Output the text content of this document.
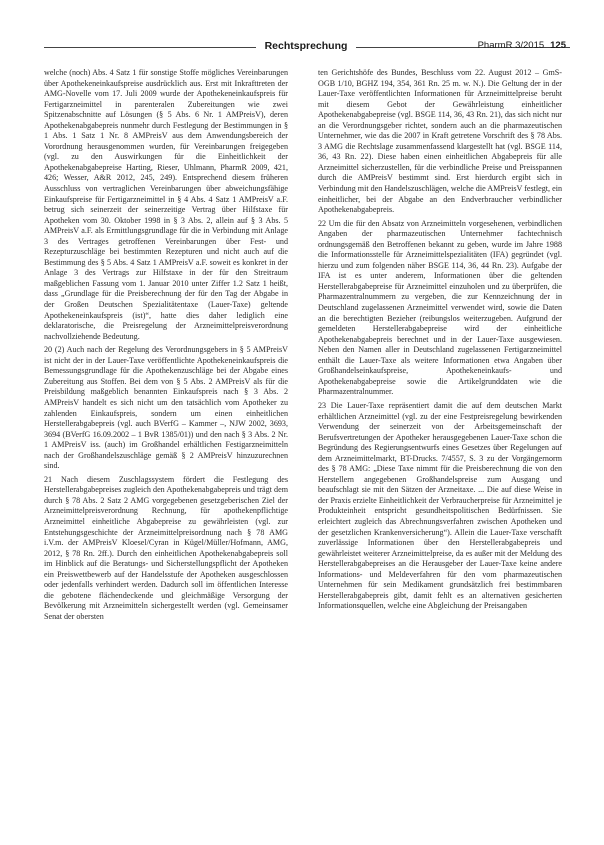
Rechtsprechung	PharmR 3/2015 125

welche (noch) Abs. 4 Satz 1 für sonstige Stoffe mögliches Vereinbarungen über Apothekeneinkaufspreise ausdrücklich aus. Erst mit Inkrafttreten der AMG-Novelle vom 17. Juli 2009 wurde der Apothekeneinkaufspreis für Fertigarzneimittel in parenteralen Zubereitungen wie zwei Spitzenabschnitte auf Lösungen (§ 5 Abs. 6 Nr. 1 AMPreisV), deren Apothekenabgabepreis nunmehr durch Festlegung der Bestimmungen in § 1 Abs. 1 Satz 1 Nr. 8 AMPreisV aus dem Anwendungsbereich der Vorordnung herausgenommen wurden, für Vereinbarungen freigegeben (vgl. zu den Auswirkungen für die Einheitlichkeit der Apothekenabgabepreise Harting, Rieser, Uhlmann, PharmR 2009, 421, 426; Wesser, A&R 2012, 245, 249). Entsprechend diesem früheren Ausschluss von vertraglichen Vereinbarungen über abweichungsfähige Einkaufspreise für Fertigarzneimittel in § 4 Abs. 4 Satz 1 AMPreisV a.F. betrug sich seinerzeit der seinerzeitige Vertrag über Hilfstaxe für Apotheken vom 30. Oktober 1998 in § 3 Abs. 2, allein auf § 3 Abs. 5 AMPreisV a.F. als Ermittlungsgrundlage für die in Verbindung mit Anlage 3 des Vertrages getroffenen Vereinbarungen über Fest- und Rezepturzuschläge bei bestimmten Rezepturen und nicht auch auf die Bestimmung des § 5 Abs. 4 Satz 1 AMPreisV a.F. soweit es konkret in der Anlage 3 des Vertrags zur Hilfstaxe in der für den Streitraum maßgeblichen Fassung vom 1. Januar 2010 unter Ziffer 1.2 Satz 1 heißt, dass „Grundlage für die Preisberechnung der für den Tag der Abgabe in der Großen Deutschen Spezialitätentaxe (Lauer-Taxe) geltende Apothekeneinkaufspreis (ist)“, hatte dies daher lediglich eine deklaratorische, die Preisregelung der Arzneimittelpreisverordnung nachvollziehende Bedeutung.

20 (2) Auch nach der Regelung des Verordnungsgebers in § 5 AMPreisV ist nicht der in der Lauer-Taxe veröffentlichte Apothekeneinkaufspreis die Bemessungsgrundlage für die Apothekenzuschläge bei der Abgabe eines Zubereitung aus Stoffen. Bei dem von § 5 Abs. 2 AMPreisV als für die Preisbildung maßgeblich benannten Einkaufspreis nach § 3 Abs. 2 AMPreisV handelt es sich nicht um den tatsächlich vom Apotheker zu zahlenden Einkaufspreis, sondern um einen einheitlichen Herstellerabgabepreis (vgl. auch BVerfG – Kammer –, NJW 2002, 3693, 3694 (BVerfG 16.09.2002 – 1 BvR 1385/01)) und den nach § 3 Abs. 2 Nr. 1 AMPreisV iss. (auch) im Großhandel erhältlichen Festigarzneimitteln nach der Großhandelszuschläge gemäß § 2 AMPreisV hinzuzurechnen sind.

21 Nach diesem Zuschlagssystem fördert die Festlegung des Herstellerabgabepreises zugleich den Apothekenabgabepreis und trägt dem durch § 78 Abs. 2 Satz 2 AMG vorgegebenen gesetzgeberischen Ziel der Arzneimittelpreisverordnung Rechnung, für apothekenpflichtige Arzneimittel einheitliche Abgabepreise zu gewährleisten (vgl. zur Entstehungsgeschichte der Arzneimittelpreisordnung nach § 78 AMG i.V.m. der AMPreisV Kloesel/Cyran in Kügel/Müller/Hofmann, AMG, 2012, § 78 Rn. 2ff.). Durch den einheitlichen Apothekenabgabepreis soll im Hinblick auf die Beratungs- und Sicherstellungspflicht der Apotheken ein Preiswettbewerb auf der Handelsstufe der Apotheken ausgeschlossen oder jedenfalls verhindert werden. Dadurch soll im öffentlichen Interesse die gebotene flächendeckende und gleichmäßige Versorgung der Bevölkerung mit Arzneimitteln sichergestellt werden (vgl. Gemeinsamer Senat der obersten

ten Gerichtshöfe des Bundes, Beschluss vom 22. August 2012 – GmS-OGB 1/10, BGHZ 194, 354, 361 Rn. 25 m. w. N.). Die Geltung der in der Lauer-Taxe veröffentlichten Informationen für Arzneimittelpreise beruht mit diesem Gebot der Gewährleistung einheitlicher Apothekenabgabepreise (vgl. BSGE 114, 36, 43 Rn. 21), das sich nicht nur an die Verordnungsgeber richtet, sondern auch an die pharmazeutischen Unternehmer, wie das die 2007 in Kraft getretene Vorschrift des § 78 Abs. 3 AMG die Rechtslage zusammenfassend klargestellt hat (vgl. BSGE 114, 36, 43 Rn. 22). Diese haben einen einheitlichen Abgabepreis für alle Arzneimittel sicherzustellen, für die verbindliche Preise und Preisspannen durch die AMPreisV bestimmt sind. Erst hierdurch ergibt sich in Verbindung mit den Handelszuschlägen, welche die AMPreisV festlegt, ein einheitlicher, bei der Abgabe an den Endverbraucher verbindlicher Apothekenabgabepreis.

22 Um die für den Absatz von Arzneimitteln vorgesehenen, verbindlichen Angaben der pharmazeutischen Unternehmer fachtechnisch ordnungsgemäß den Betroffenen bekannt zu geben, wurde im Jahre 1988 die Informationsstelle für Arzneimittelspezialitäten (IFA) gegründet (vgl. hierzu und zum folgenden näher BSGE 114, 36, 44 Rn. 23). Aufgabe der IFA ist es unter anderem, Informationen über die geltenden Herstellerabgabepreise für Arzneimittel einzuholen und zu überprüfen, die Pharmazentralnummern zu vergeben, die zur Kennzeichnung der in Deutschland zugelassenen Arzneimittel verwendet wird, sowie die Daten an die berechtigten Bezieher (reibungslos weiterzugeben. Aufgrund der gemeldeten Herstellerabgabepreise wird der einheitliche Apothekenabgabepreis berechnet und in der Lauer-Taxe ausgewiesen. Neben den Namen aller in Deutschland zugelassenen Fertigarzneimittel enthält die Lauer-Taxe als weitere Informationen etwa Angaben über Großhandelseinkaufspreise, Apothekeneinkaufs- und Apothekenabgabepreise sowie die Artikelgrunddaten wie die Pharmazentralnummer.

23 Die Lauer-Taxe repräsentiert damit die auf dem deutschen Markt erhältlichen Arzneimittel (vgl. zu der eine Festpreisregelung bewirkenden Verwendung der seinerzeit von der Arbeitsgemeinschaft der Berufsvertretungen der Apotheker herausgegebenen Lauer-Taxe schon die Begründung des Regierungsentwurfs eines Gesetzes über Regelungen auf dem Arzneimittelmarkt, BT-Drucks. 7/4557, S. 3 zu der Vorgängernorm des § 78 AMG: „Diese Taxe nimmt für die Preisberechnung die von den Herstellern angegebenen Großhandelspreise zum Ausgang und beaufschlagt sie mit den Sätzen der Arzneitaxe. ... Die auf diese Weise in der Praxis erzielte Einheitlichkeit der Verbraucherpreise für Arzneimittel je Produkteinheit entspricht gesundheitspolitischen Bedürfnissen. Sie erleichtert zugleich das Abrechnungsverfahren zwischen Apotheken und der gesetzlichen Krankenversicherung“). Allein die Lauer-Taxe verschafft zuverlässige Informationen über den Herstellerabgabepreis und gewährleistet weiterer Arzneimittelpreise, da es außer mit der Meldung des Herstellerabgabepreises an die Herausgeber der Lauer-Taxe keine andere Informations- und Meldeverfahren für den vom pharmazeutischen Unternehmen für sein Medikament grundsätzlich frei bestimmbaren Herstellerabgabepreis gibt, damit fehlt es an alternativen gesicherten Informationsquellen, welche eine Abgleichung der Preisangaben
